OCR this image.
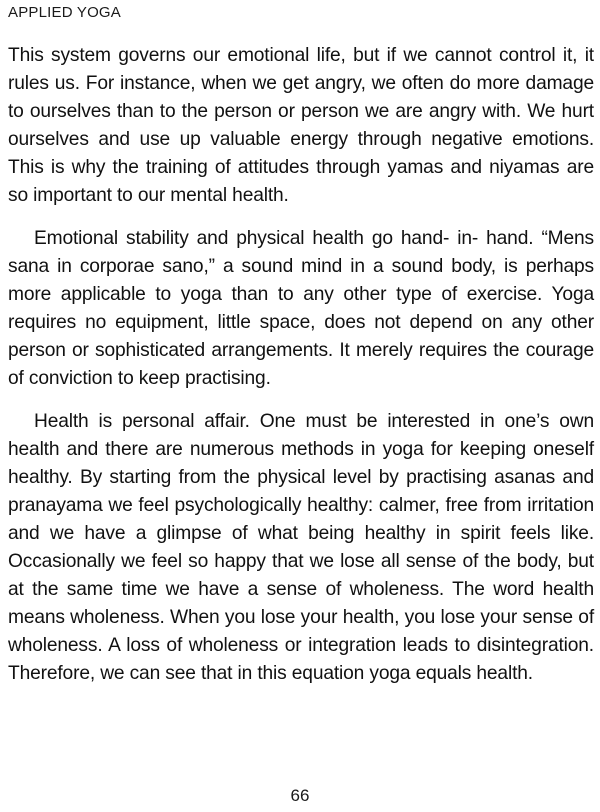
APPLIED YOGA

This system governs our emotional life, but if we cannot control it, it rules us. For instance, when we get angry, we often do more damage to ourselves than to the person or person we are angry with. We hurt ourselves and use up valuable energy through negative emotions. This is why the training of attitudes through yamas and niyamas are so important to our mental health.

Emotional stability and physical health go hand- in- hand. “Mens sana in corporae sano,” a sound mind in a sound body, is perhaps more applicable to yoga than to any other type of exercise. Yoga requires no equipment, little space, does not depend on any other person or sophisticated arrangements. It merely requires the courage of conviction to keep practising.

Health is personal affair. One must be interested in one’s own health and there are numerous methods in yoga for keeping oneself healthy. By starting from the physical level by practising asanas and pranayama we feel psychologically healthy: calmer, free from irritation and we have a glimpse of what being healthy in spirit feels like. Occasionally we feel so happy that we lose all sense of the body, but at the same time we have a sense of wholeness. The word health means wholeness. When you lose your health, you lose your sense of wholeness. A loss of wholeness or integration leads to disintegration. Therefore, we can see that in this equation yoga equals health.

66
